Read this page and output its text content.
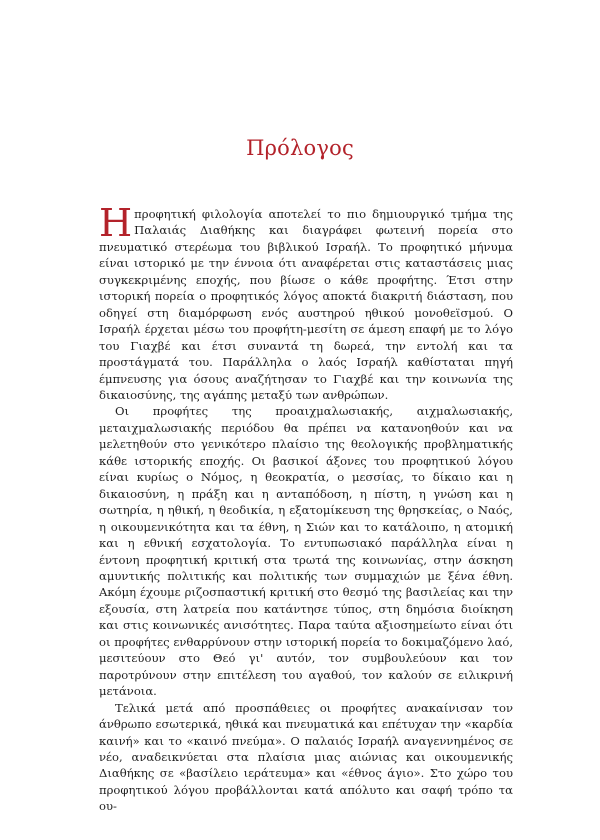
Πρόλογος

Ηπροφητική φιλολογία αποτελεί το πιο δημιουργικό τμήμα της Παλαιάς Διαθήκης και διαγράφει φωτεινή πορεία στο πνευματικό στερέωμα του βιβλικού Ισραήλ. Το προφητικό μήνυμα είναι ιστορικό με την έννοια ότι αναφέρεται στις καταστάσεις μιας συγκεκριμένης εποχής, που βίωσε ο κάθε προφήτης. Έτσι στην ιστορική πορεία ο προφητικός λόγος αποκτά διακριτή διάσταση, που οδηγεί στη διαμόρφωση ενός αυστηρού ηθικού μονοθεϊσμού. Ο Ισραήλ έρχεται μέσω του προφήτη-μεσίτη σε άμεση επαφή με το λόγο του Γιαχβέ και έτσι συναντά τη δωρεά, την εντολή και τα προστάγματά του. Παράλληλα ο λαός Ισραήλ καθίσταται πηγή έμπνευσης για όσους αναζήτησαν το Γιαχβέ και την κοινωνία της δικαιοσύνης, της αγάπης μεταξύ των ανθρώπων.

Οι προφήτες της προαιχμαλωσιακής, αιχμαλωσιακής, μεταιχμαλωσιακής περιόδου θα πρέπει να κατανοηθούν και να μελετηθούν στο γενικότερο πλαίσιο της θεολογικής προβληματικής κάθε ιστορικής εποχής. Οι βασικοί άξονες του προφητικού λόγου είναι κυρίως ο Νόμος, η θεοκρατία, ο μεσσίας, το δίκαιο και η δικαιοσύνη, η πράξη και η ανταπόδοση, η πίστη, η γνώση και η σωτηρία, η ηθική, η θεοδικία, η εξατομίκευση της θρησκείας, ο Ναός, η οικουμενικότητα και τα έθνη, η Σιών και το κατάλοιπο, η ατομική και η εθνική εσχατολογία. Το εντυπωσιακό παράλληλα είναι η έντονη προφητική κριτική στα τρωτά της κοινωνίας, στην άσκηση αμυντικής πολιτικής και πολιτικής των συμμαχιών με ξένα έθνη. Ακόμη έχουμε ριζοσπαστική κριτική στο θεσμό της βασιλείας και την εξουσία, στη λατρεία που κατάντησε τύπος, στη δημόσια διοίκηση και στις κοινωνικές ανισότητες. Παρα ταύτα αξιοσημείωτο είναι ότι οι προφήτες ενθαρρύνουν στην ιστορική πορεία το δοκιμαζόμενο λαό, μεσιτεύουν στο Θεό γι' αυτόν, τον συμβουλεύουν και τον παροτρύνουν στην επιτέλεση του αγαθού, τον καλούν σε ειλικρινή μετάνοια.

Τελικά μετά από προσπάθειες οι προφήτες ανακαίνισαν τον άνθρωπο εσωτερικά, ηθικά και πνευματικά και επέτυχαν την «καρδία καινή» και το «καινό πνεύμα». Ο παλαιός Ισραήλ αναγεννημένος σε νέο, αναδεικνύεται στα πλαίσια μιας αιώνιας και οικουμενικής Διαθήκης σε «βασίλειο ιεράτευμα» και «έθνος άγιο». Στο χώρο του προφητικού λόγου προβάλλονται κατά απόλυτο και σαφή τρόπο τα ου-
